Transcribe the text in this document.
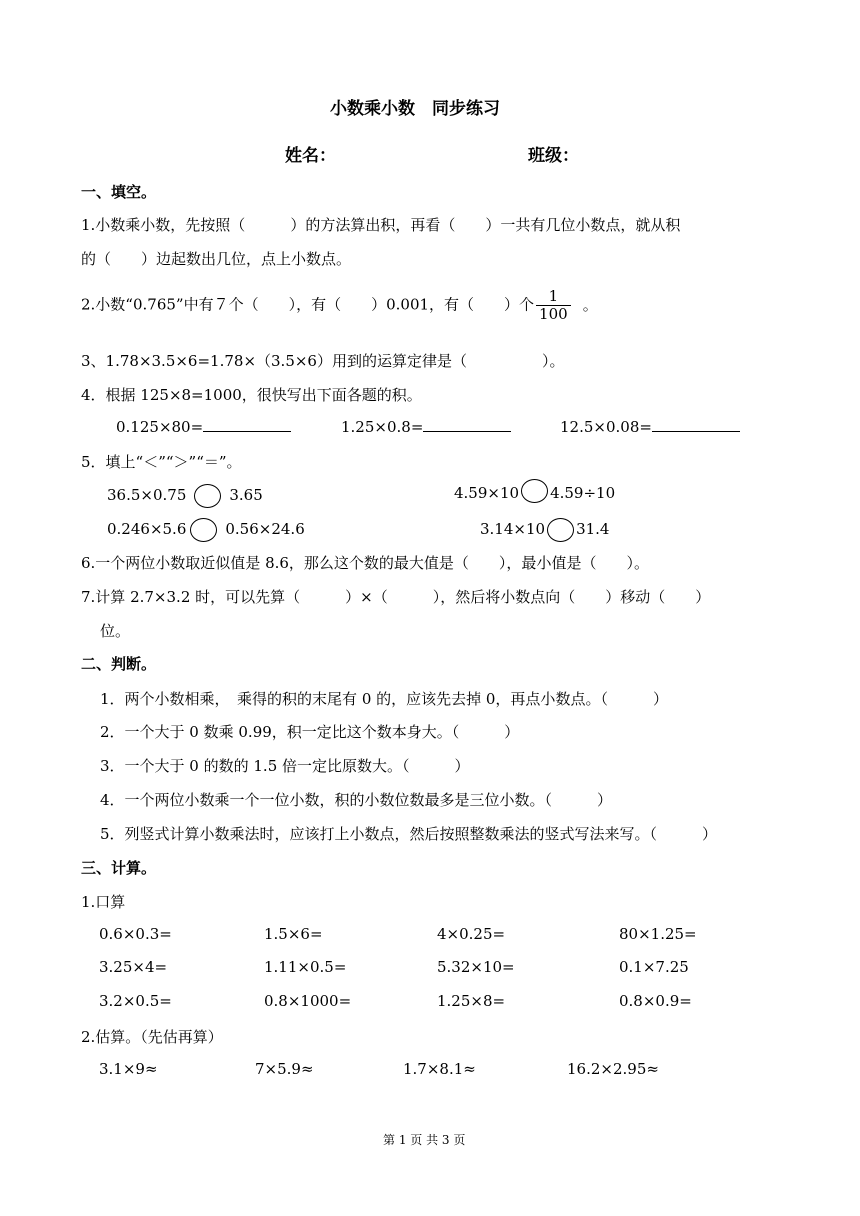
小数乘小数　同步练习
姓名：	班级：
一、填空。
1.小数乘小数，先按照（　　　）的方法算出积，再看（　　）一共有几位小数点，就从积
的（　　）边起数出几位，点上小数点。
2.小数“0.765”中有７个（　　），有（　　）0.001，有（　　）个 $\frac{1}{100}$ 。
3、1.78×3.5×6=1.78×（3.5×6）用到的运算定律是（　　　　　）。
4．根据 125×8=1000，很快写出下面各题的积。
0.125×80=	1.25×0.8=	12.5×0.08=
5．填上“＜”“＞”“＝”。
36.5×0.75	3.65	4.59×10 4.59÷10
0.246×5.6	0.56×24.6	3.14×10 31.4
6.一个两位小数取近似值是 8.6，那么这个数的最大值是（　　），最小值是（　　）。
7.计算 2.7×3.2 时，可以先算（　　　）×（　　　），然后将小数点向（　　）移动（　　）
位。
二、判断。
1．两个小数相乘，　乘得的积的末尾有 0 的，应该先去掉 0，再点小数点。（　　　）
2．一个大于 0 数乘 0.99，积一定比这个数本身大。（　　　）
3．一个大于 0 的数的 1.5 倍一定比原数大。（　　　）
4．一个两位小数乘一个一位小数，积的小数位数最多是三位小数。（　　　）
5．列竖式计算小数乘法时，应该打上小数点，然后按照整数乘法的竖式写法来写。（　　　）
三、计算。
1.口算
0.6×0.3=	1.5×6=	4×0.25=	80×1.25=
3.25×4=	1.11×0.5=	5.32×10=	0.1×7.25
3.2×0.5=	0.8×1000=	1.25×8=	0.8×0.9=
2.估算。（先估再算）
3.1×9≈	7×5.9≈	1.7×8.1≈	16.2×2.95≈
第 1 页 共 3 页
